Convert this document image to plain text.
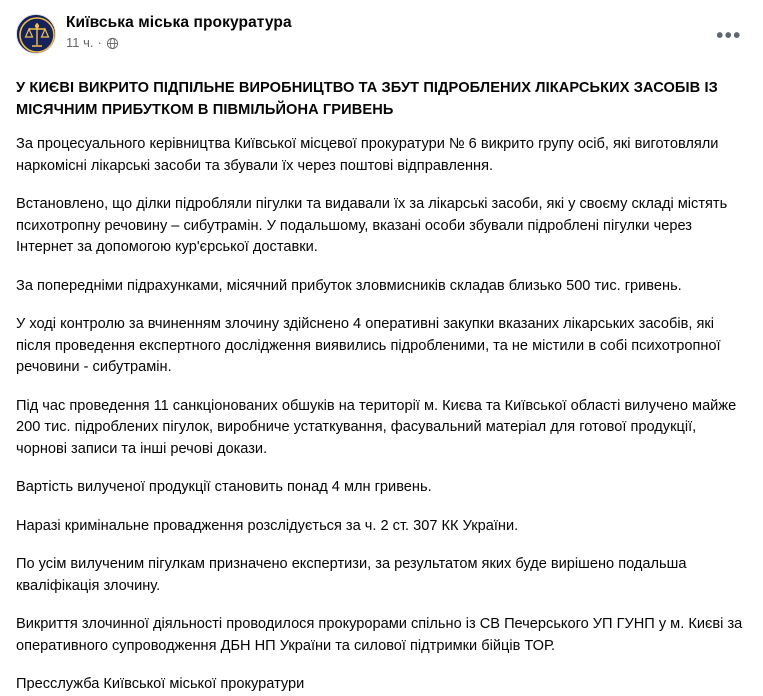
Київська міська прокуратура
11 ч. ·	•••

У КИЄВІ ВИКРИТО ПІДПІЛЬНЕ ВИРОБНИЦТВО ТА ЗБУТ ПІДРОБЛЕНИХ ЛІКАРСЬКИХ ЗАСОБІВ ІЗ МІСЯЧНИМ ПРИБУТКОМ В ПІВМІЛЬЙОНА ГРИВЕНЬ

За процесуального керівництва Київської місцевої прокуратури № 6 викрито групу осіб, які виготовляли наркомісні лікарські засоби та збували їх через поштові відправлення.

Встановлено, що ділки підробляли пігулки та видавали їх за лікарські засоби, які у своєму складі містять психотропну речовину – сибутрамін. У подальшому, вказані особи збували підроблені пігулки через Інтернет за допомогою кур'єрської доставки.

За попередніми підрахунками, місячний прибуток зловмисників складав близько 500 тис. гривень.

У ході контролю за вчиненням злочину здійснено 4 оперативні закупки вказаних лікарських засобів, які після проведення експертного дослідження виявились підробленими, та не містили в собі психотропної речовини - сибутрамін.

Під час проведення 11 санкціонованих обшуків на території м. Києва та Київської області вилучено майже 200 тис. підроблених пігулок, виробниче устаткування, фасувальний матеріал для готової продукції, чорнові записи та інші речові докази.

Вартість вилученої продукції становить понад 4 млн гривень.

Наразі кримінальне провадження розслідується за ч. 2 ст. 307 КК України.

По усім вилученим пігулкам призначено експертизи, за результатом яких буде вирішено подальша кваліфікація злочину.

Викриття злочинної діяльності проводилося прокурорами спільно із СВ Печерського УП ГУНП у м. Києві за оперативного супроводження ДБН НП України та силової підтримки бійців ТОР.

Пресслужба Київської міської прокуратури
